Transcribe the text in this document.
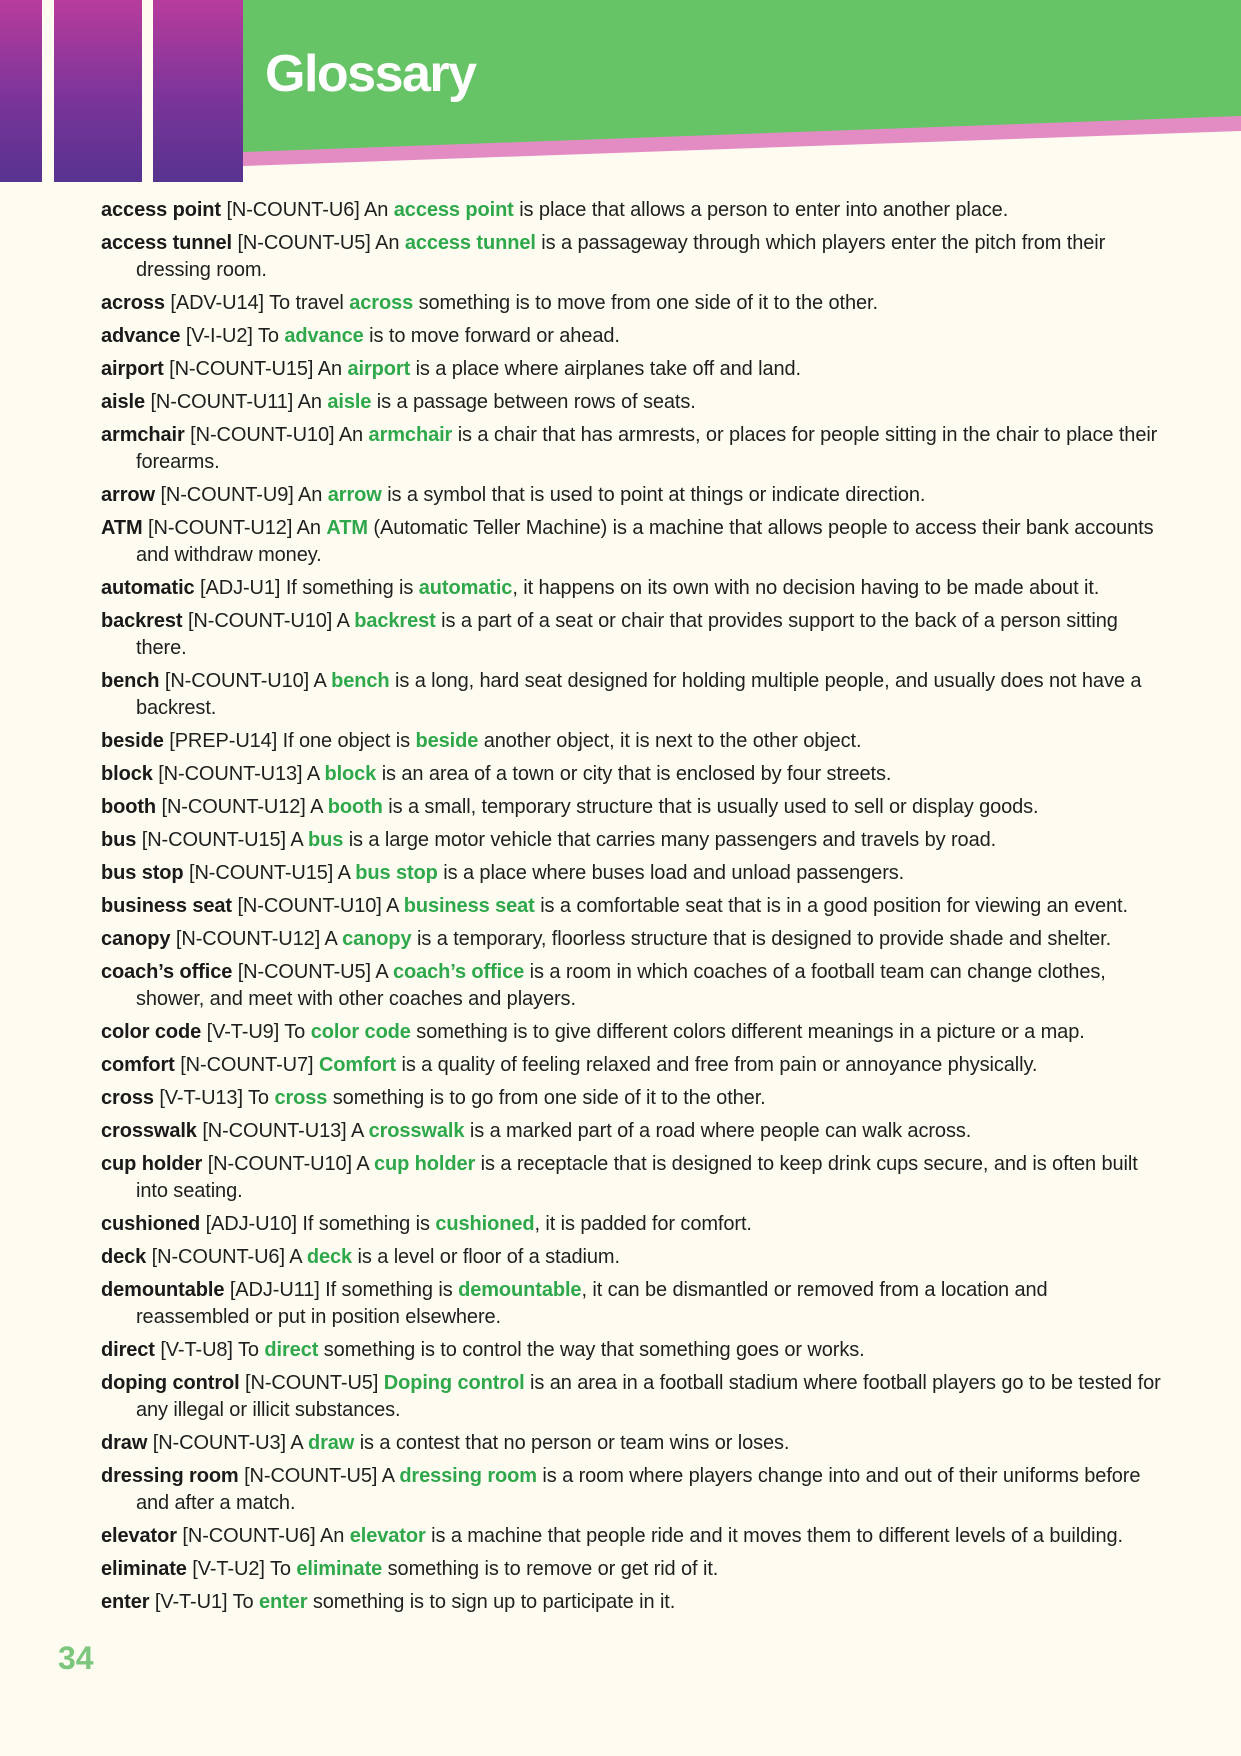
Glossary
access point [N-COUNT-U6] An access point is place that allows a person to enter into another place.
access tunnel [N-COUNT-U5] An access tunnel is a passageway through which players enter the pitch from their dressing room.
across [ADV-U14] To travel across something is to move from one side of it to the other.
advance [V-I-U2] To advance is to move forward or ahead.
airport [N-COUNT-U15] An airport is a place where airplanes take off and land.
aisle [N-COUNT-U11] An aisle is a passage between rows of seats.
armchair [N-COUNT-U10] An armchair is a chair that has armrests, or places for people sitting in the chair to place their forearms.
arrow [N-COUNT-U9] An arrow is a symbol that is used to point at things or indicate direction.
ATM [N-COUNT-U12] An ATM (Automatic Teller Machine) is a machine that allows people to access their bank accounts and withdraw money.
automatic [ADJ-U1] If something is automatic, it happens on its own with no decision having to be made about it.
backrest [N-COUNT-U10] A backrest is a part of a seat or chair that provides support to the back of a person sitting there.
bench [N-COUNT-U10] A bench is a long, hard seat designed for holding multiple people, and usually does not have a backrest.
beside [PREP-U14] If one object is beside another object, it is next to the other object.
block [N-COUNT-U13] A block is an area of a town or city that is enclosed by four streets.
booth [N-COUNT-U12] A booth is a small, temporary structure that is usually used to sell or display goods.
bus [N-COUNT-U15] A bus is a large motor vehicle that carries many passengers and travels by road.
bus stop [N-COUNT-U15] A bus stop is a place where buses load and unload passengers.
business seat [N-COUNT-U10] A business seat is a comfortable seat that is in a good position for viewing an event.
canopy [N-COUNT-U12] A canopy is a temporary, floorless structure that is designed to provide shade and shelter.
coach’s office [N-COUNT-U5] A coach’s office is a room in which coaches of a football team can change clothes, shower, and meet with other coaches and players.
color code [V-T-U9] To color code something is to give different colors different meanings in a picture or a map.
comfort [N-COUNT-U7] Comfort is a quality of feeling relaxed and free from pain or annoyance physically.
cross [V-T-U13] To cross something is to go from one side of it to the other.
crosswalk [N-COUNT-U13] A crosswalk is a marked part of a road where people can walk across.
cup holder [N-COUNT-U10] A cup holder is a receptacle that is designed to keep drink cups secure, and is often built into seating.
cushioned [ADJ-U10] If something is cushioned, it is padded for comfort.
deck [N-COUNT-U6] A deck is a level or floor of a stadium.
demountable [ADJ-U11] If something is demountable, it can be dismantled or removed from a location and reassembled or put in position elsewhere.
direct [V-T-U8] To direct something is to control the way that something goes or works.
doping control [N-COUNT-U5] Doping control is an area in a football stadium where football players go to be tested for any illegal or illicit substances.
draw [N-COUNT-U3] A draw is a contest that no person or team wins or loses.
dressing room [N-COUNT-U5] A dressing room is a room where players change into and out of their uniforms before and after a match.
elevator [N-COUNT-U6] An elevator is a machine that people ride and it moves them to different levels of a building.
eliminate [V-T-U2] To eliminate something is to remove or get rid of it.
enter [V-T-U1] To enter something is to sign up to participate in it.
34
